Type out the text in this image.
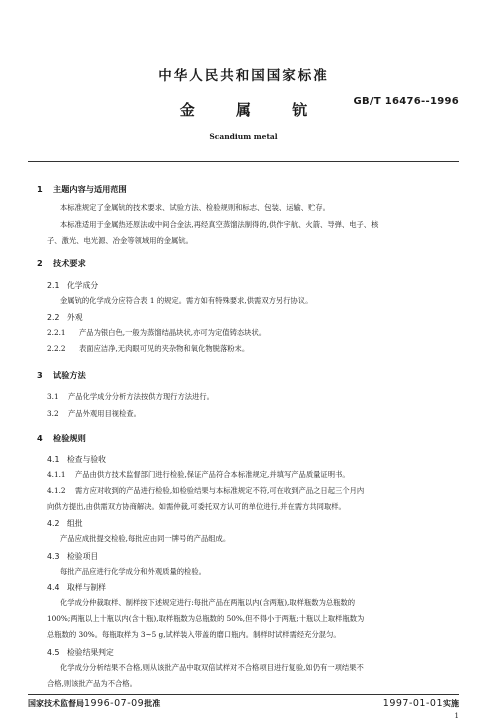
中华人民共和国国家标准
GB/T 16476--1996
金 属 钪
Scandium metal
1 主题内容与适用范围
本标准规定了金属钪的技术要求、试验方法、检验规则和标志、包装、运输、贮存。
本标准适用于金属热还原法或中间合金法,再经真空蒸馏法制得的,供作宇航、火箭、导弹、电子、核
子、激光、电光源、冶金等领域用的金属钪。
2 技术要求
2.1 化学成分
金属钪的化学成分应符合表 1 的规定。需方如有特殊要求,供需双方另行协议。
2.2 外观
2.2.1 产品为银白色,一般为蒸馏结晶块状,亦可为定值铸态块状。
2.2.2 表面应洁净,无肉眼可见的夹杂物和氧化物脱落粉末。
3 试验方法
3.1 产品化学成分分析方法按供方现行方法进行。
3.2 产品外观用目视检查。
4 检验规则
4.1 检查与验收
4.1.1 产品由供方技术监督部门进行检验,保证产品符合本标准规定,并填写产品质量证明书。
4.1.2 需方应对收到的产品进行检验,如检验结果与本标准规定不符,可在收到产品之日起三个月内
向供方提出,由供需双方协商解决。如需仲裁,可委托双方认可的单位进行,并在需方共同取样。
4.2 组批
产品应成批提交检验,每批应由同一牌号的产品组成。
4.3 检验项目
每批产品应进行化学成分和外观质量的检验。
4.4 取样与制样
化学成分仲裁取样、制样按下述规定进行:每批产品在两瓶以内(含两瓶),取样瓶数为总瓶数的
100%;两瓶以上十瓶以内(含十瓶),取样瓶数为总瓶数的 50%,但不得小于两瓶;十瓶以上取样瓶数为
总瓶数的 30%。每瓶取样为 3~5 g,试样装入带盖的磨口瓶内。制样时试样需经充分混匀。
4.5 检验结果判定
化学成分分析结果不合格,则从该批产品中取双倍试样对不合格项目进行复验,如仍有一项结果不
合格,则该批产品为不合格。
国家技术监督局1996-07-09批准	1997-01-01实施
1
